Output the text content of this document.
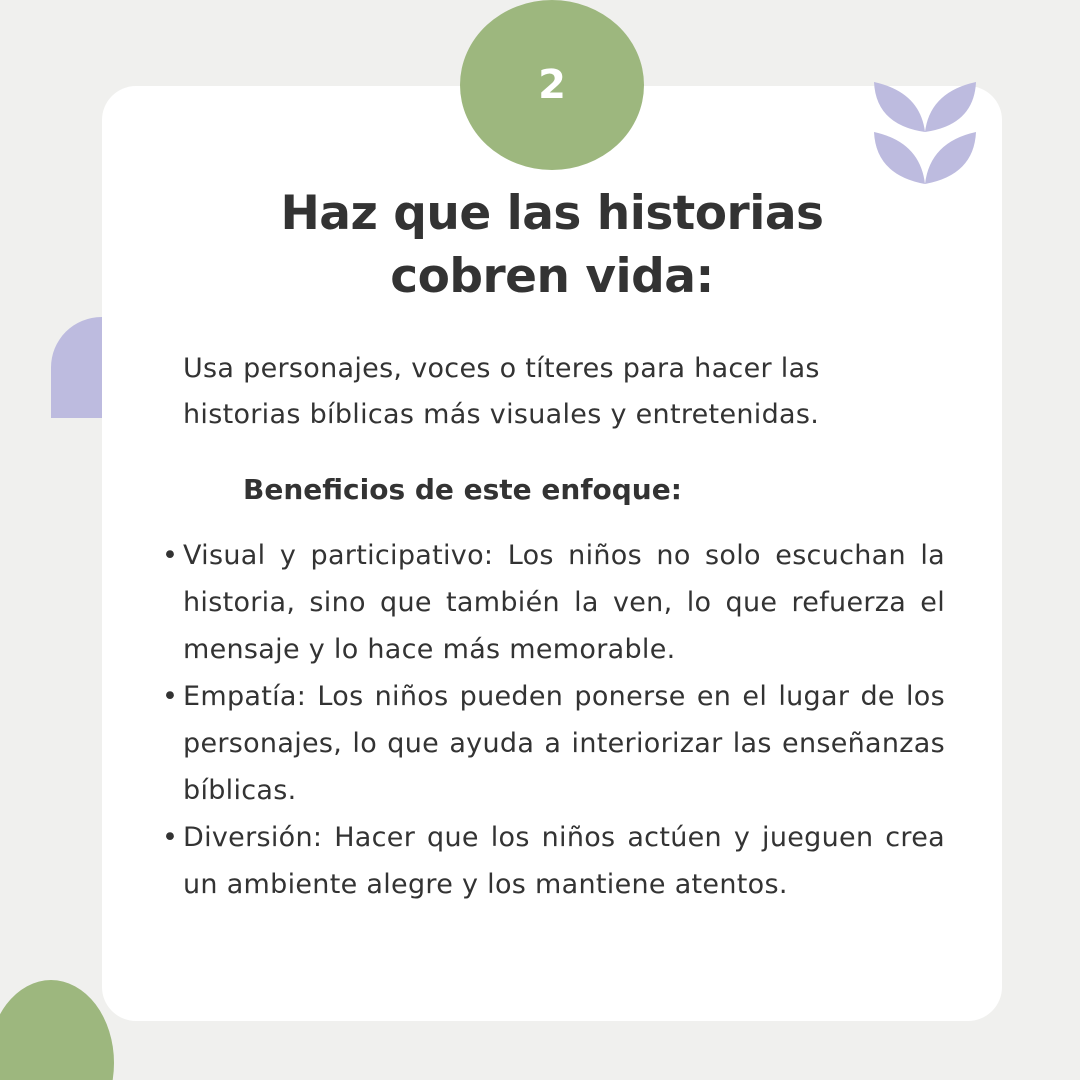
2
Haz que las historias
cobren vida:
Usa personajes, voces o títeres para hacer las
historias bíblicas más visuales y entretenidas.
Beneficios de este enfoque:
• Visual y participativo: Los niños no solo escuchan la historia, sino que también la ven, lo que refuerza el mensaje y lo hace más memorable.
• Empatía: Los niños pueden ponerse en el lugar de los personajes, lo que ayuda a interiorizar las enseñanzas bíblicas.
• Diversión: Hacer que los niños actúen y jueguen crea un ambiente alegre y los mantiene atentos.
